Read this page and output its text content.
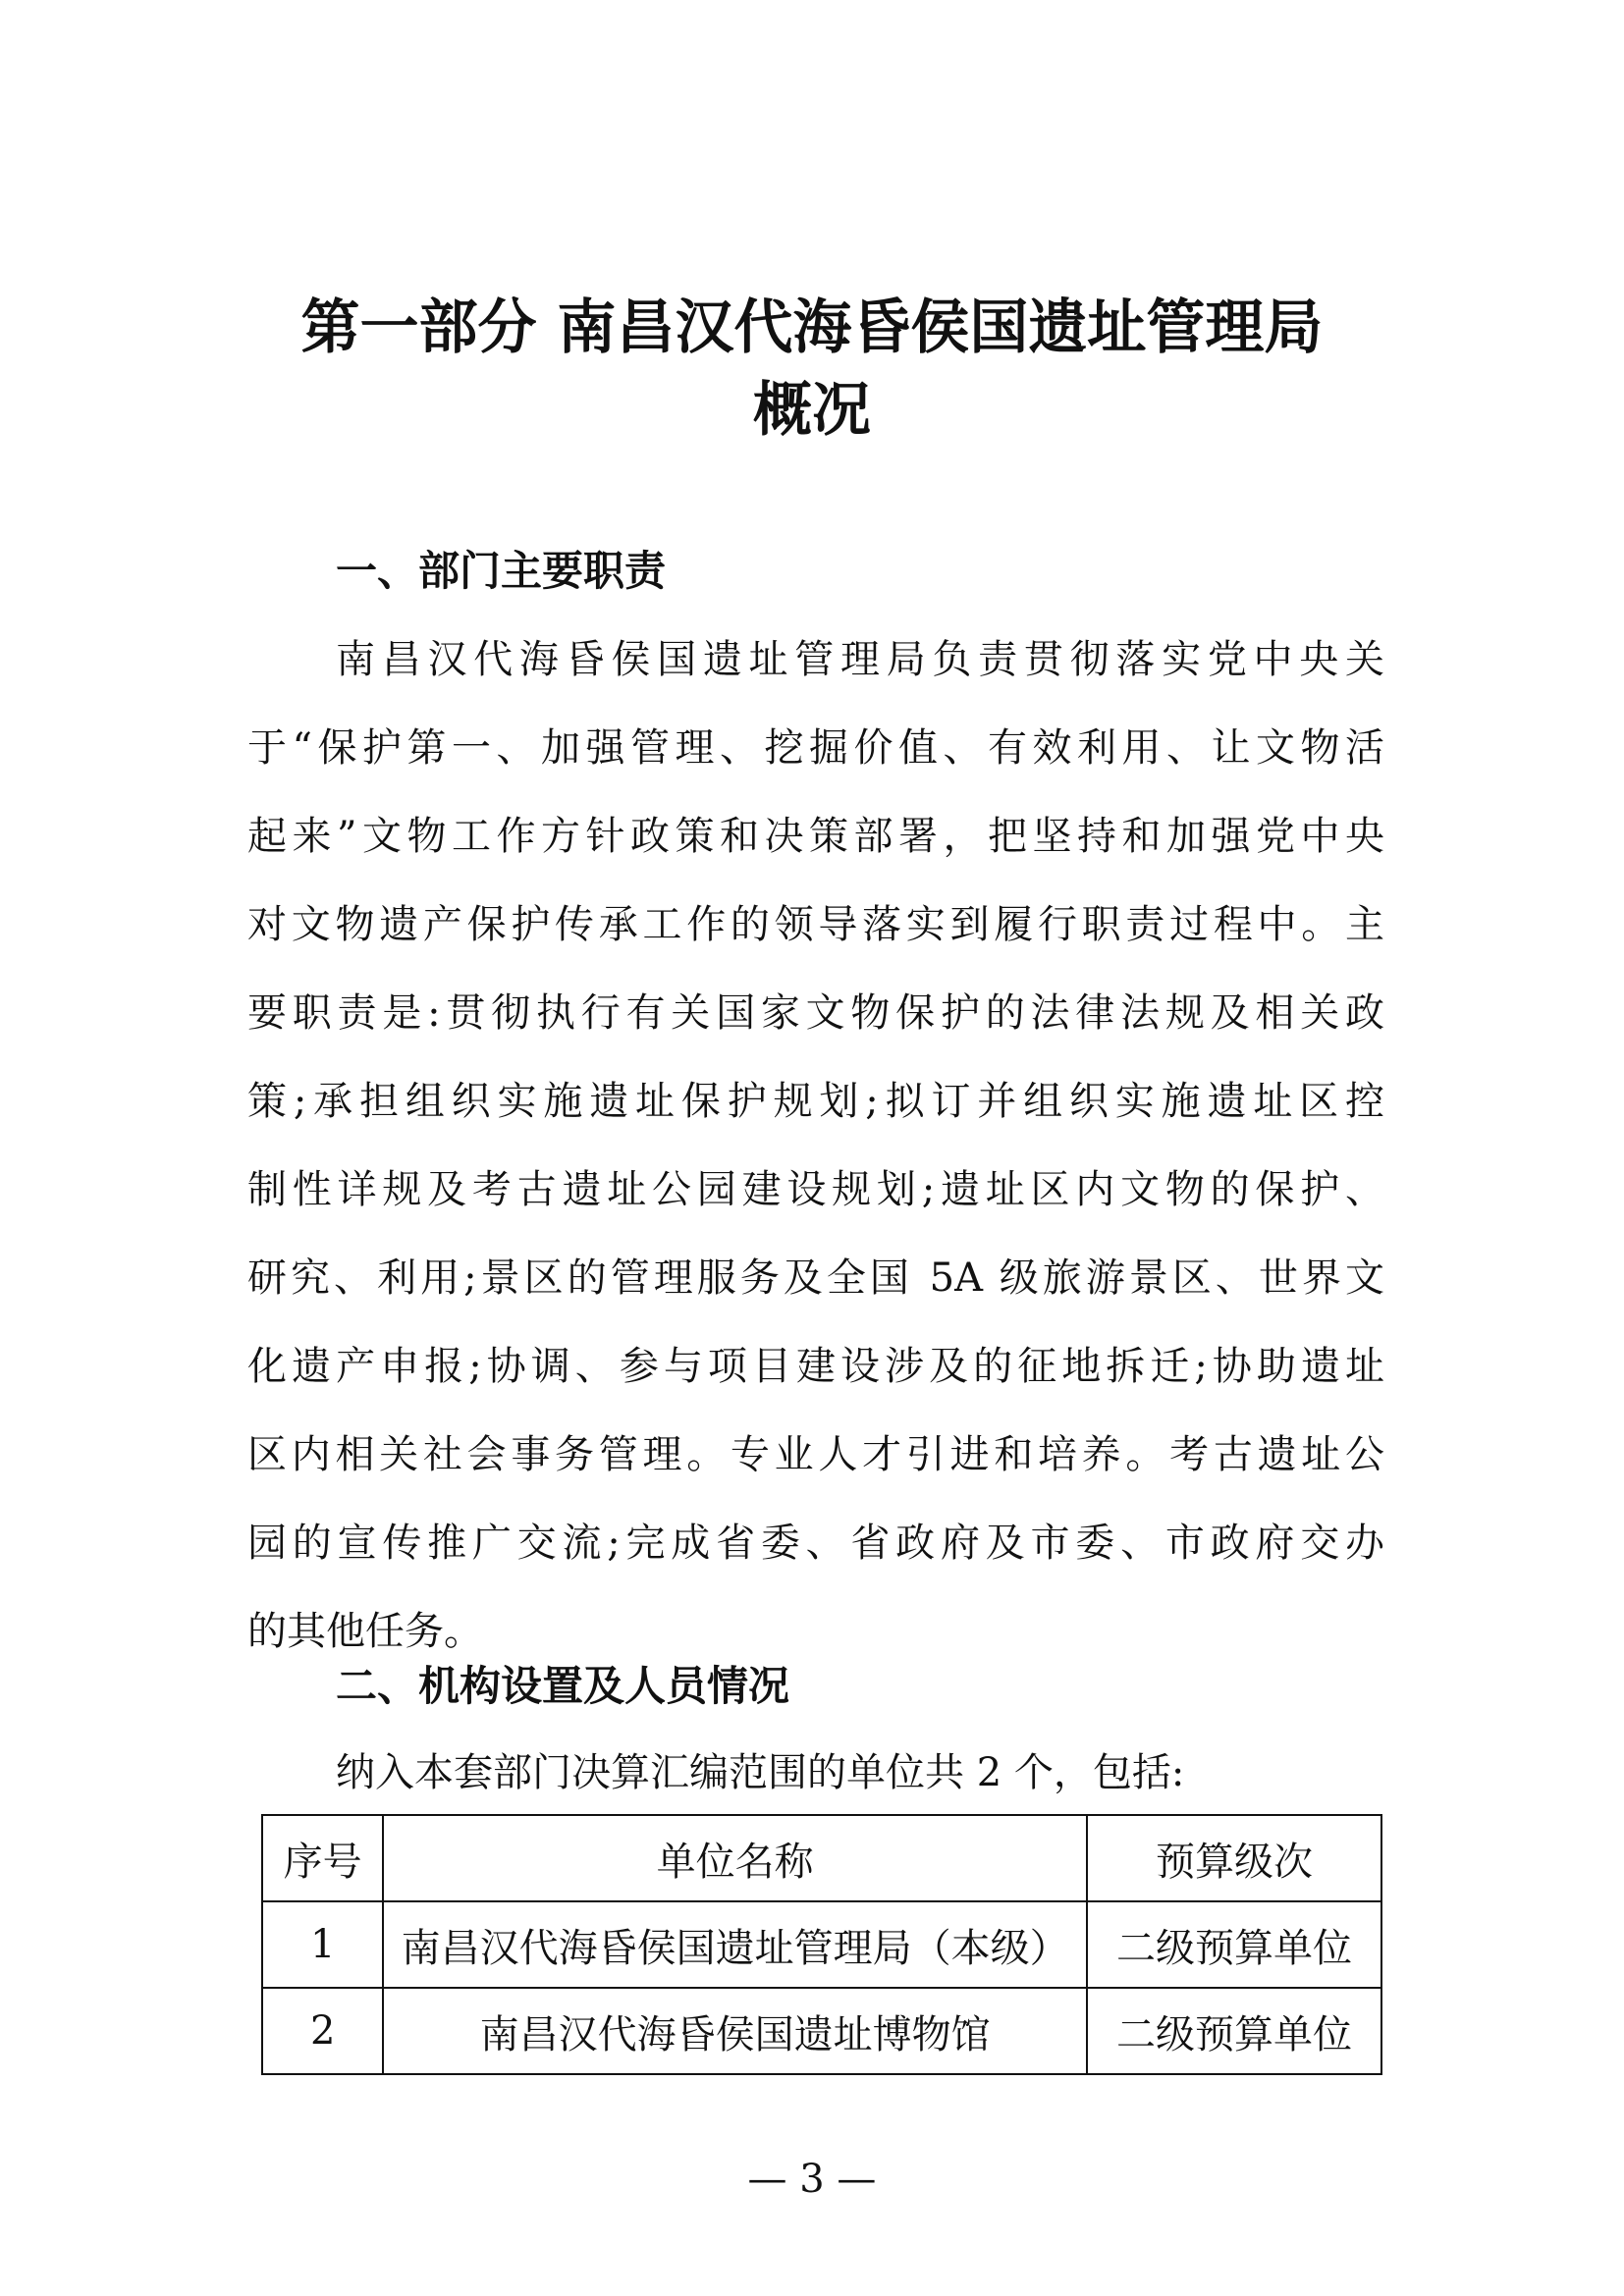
第一部分 南昌汉代海昏侯国遗址管理局
概况
一、部门主要职责

南昌汉代海昏侯国遗址管理局负责贯彻落实党中央关

于“保护第一、加强管理、挖掘价值、有效利用、让文物活

起来”文物工作方针政策和决策部署，把坚持和加强党中央

对文物遗产保护传承工作的领导落实到履行职责过程中。主

要职责是:贯彻执行有关国家文物保护的法律法规及相关政

策;承担组织实施遗址保护规划;拟订并组织实施遗址区控

制性详规及考古遗址公园建设规划;遗址区内文物的保护、

研究、利用;景区的管理服务及全国 5A 级旅游景区、世界文

化遗产申报;协调、参与项目建设涉及的征地拆迁;协助遗址

区内相关社会事务管理。专业人才引进和培养。考古遗址公

园的宣传推广交流;完成省委、省政府及市委、市政府交办

的其他任务。

二、机构设置及人员情况

纳入本套部门决算汇编范围的单位共 2 个，包括:

序号	单位名称	预算级次
1	南昌汉代海昏侯国遗址管理局（本级）	二级预算单位
2	南昌汉代海昏侯国遗址博物馆	二级预算单位

— 3 —
